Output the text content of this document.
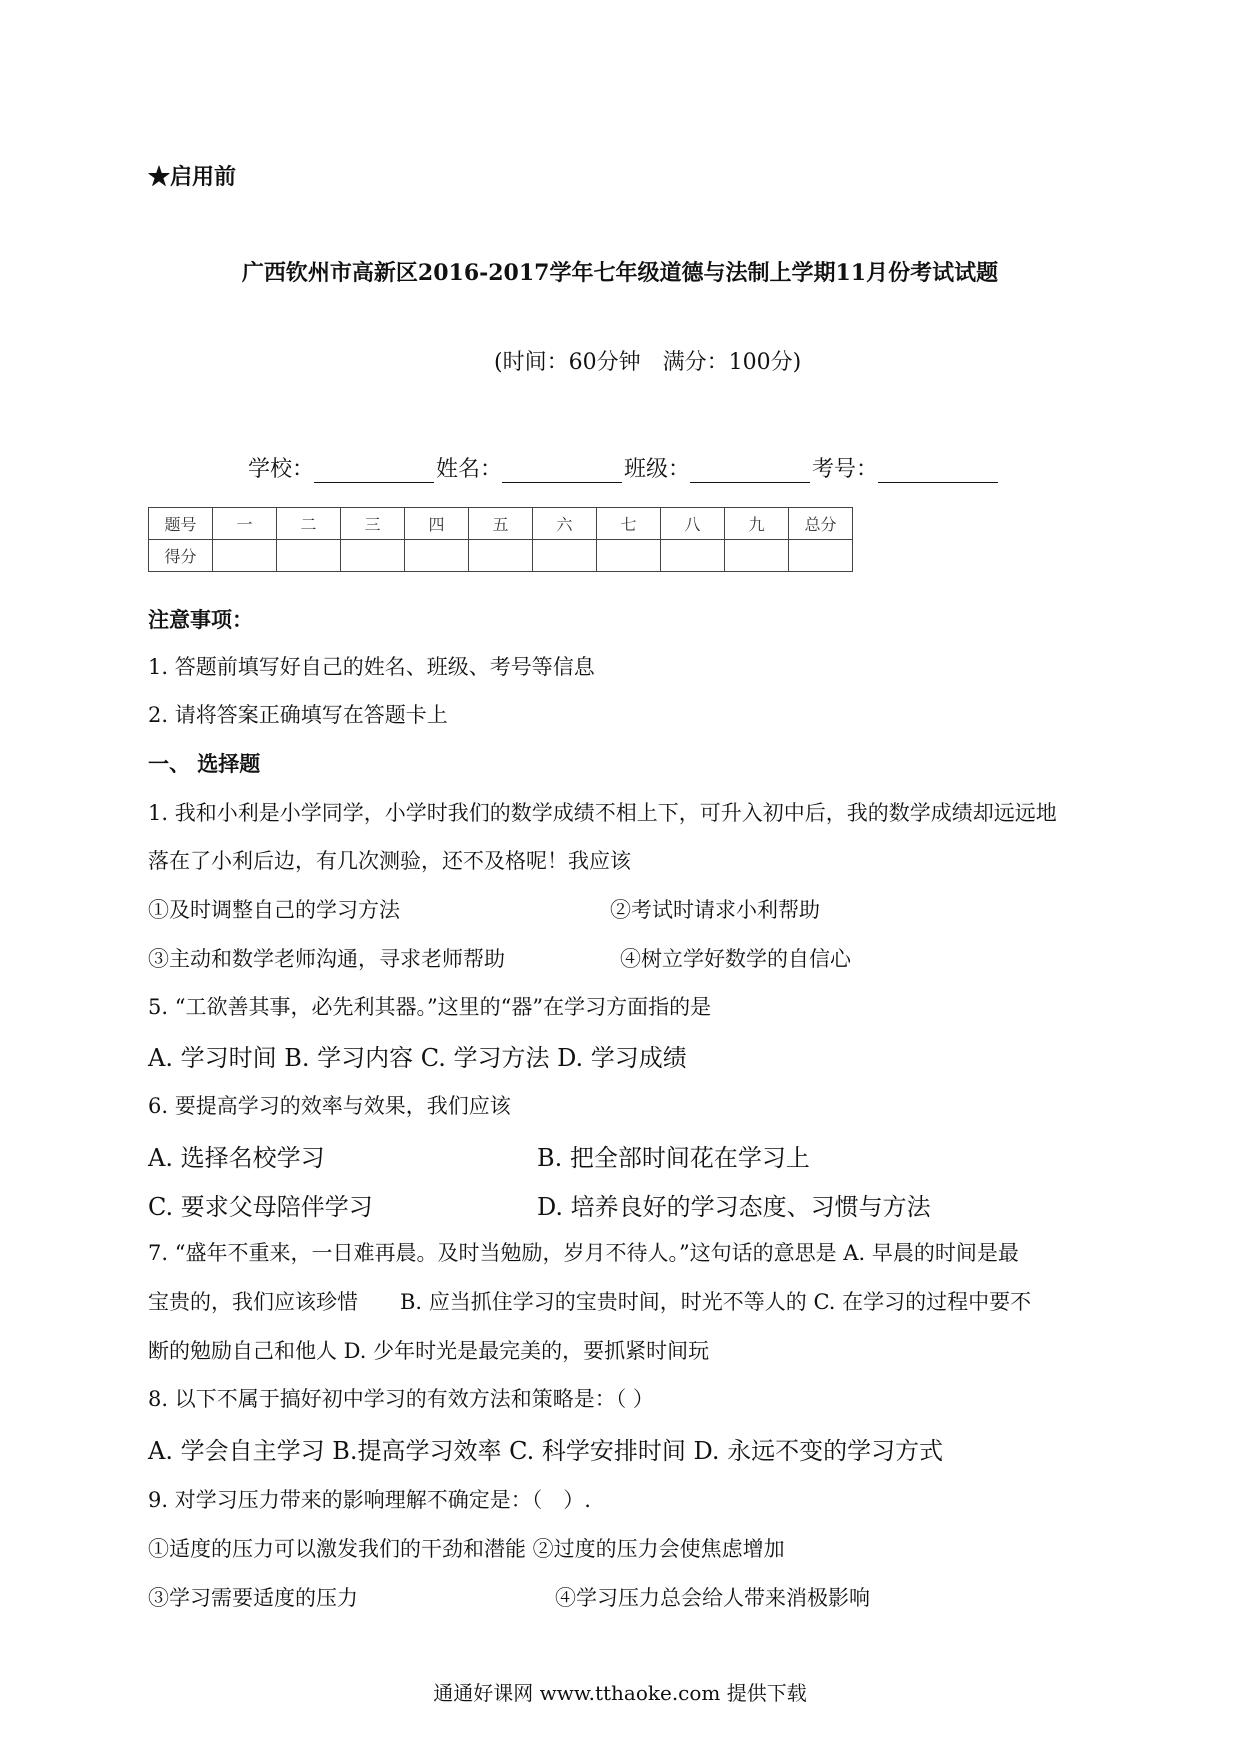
★启用前
广西钦州市高新区2016-2017学年七年级道德与法制上学期11月份考试试题
(时间：60分钟　满分：100分)
学校：	姓名：	班级：	考号：
题号	一	二	三	四	五	六	七	八	九	总分
得分										
注意事项：
1. 答题前填写好自己的姓名、班级、考号等信息
2. 请将答案正确填写在答题卡上
一、 选择题
1. 我和小利是小学同学，小学时我们的数学成绩不相上下，可升入初中后，我的数学成绩却远远地
落在了小利后边，有几次测验，还不及格呢！我应该
①及时调整自己的学习方法	②考试时请求小利帮助
③主动和数学老师沟通，寻求老师帮助	④树立学好数学的自信心
5. “工欲善其事，必先利其器。”这里的“器”在学习方面指的是
A. 学习时间 B. 学习内容 C. 学习方法 D. 学习成绩
6. 要提高学习的效率与效果，我们应该
A. 选择名校学习	B. 把全部时间花在学习上
C. 要求父母陪伴学习	D. 培养良好的学习态度、习惯与方法
7. “盛年不重来，一日难再晨。及时当勉励，岁月不待人。”这句话的意思是 A. 早晨的时间是最
宝贵的，我们应该珍惜　　B. 应当抓住学习的宝贵时间，时光不等人的 C. 在学习的过程中要不
断的勉励自己和他人 D. 少年时光是最完美的，要抓紧时间玩
8. 以下不属于搞好初中学习的有效方法和策略是：（ ）
A. 学会自主学习 B.提高学习效率 C. 科学安排时间 D. 永远不变的学习方式
9. 对学习压力带来的影响理解不确定是：（　）.
①适度的压力可以激发我们的干劲和潜能 ②过度的压力会使焦虑增加
③学习需要适度的压力	④学习压力总会给人带来消极影响
通通好课网 www.tthaoke.com 提供下载
